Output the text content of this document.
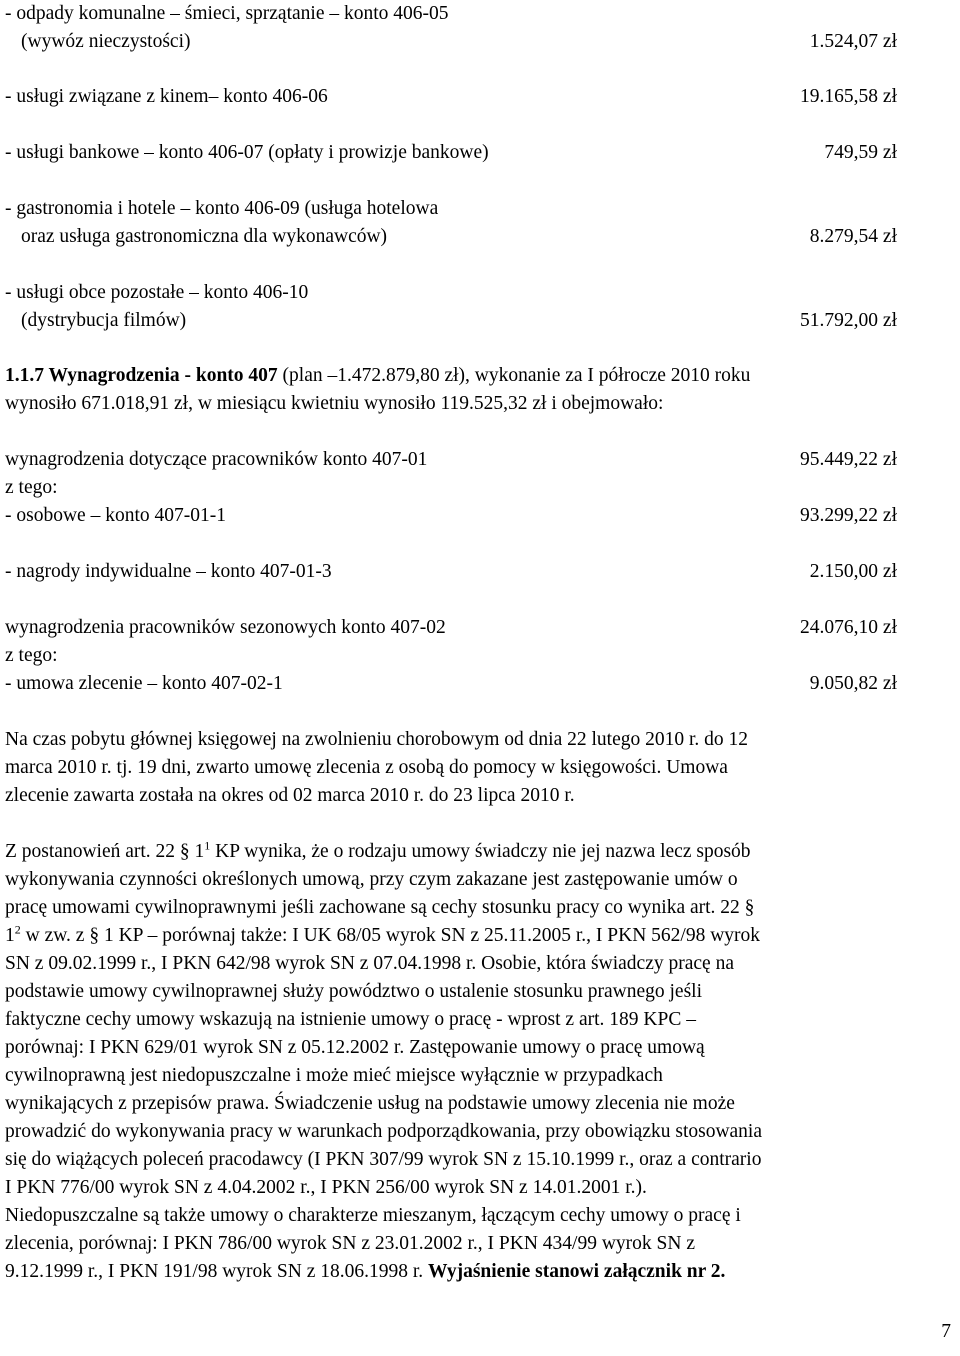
- odpady komunalne – śmieci, sprzątanie – konto 406-05
(wywóz nieczystości)	1.524,07 zł
- usługi związane z kinem– konto 406-06	19.165,58 zł
- usługi bankowe – konto 406-07 (opłaty i prowizje bankowe)	749,59 zł
- gastronomia i hotele – konto 406-09 (usługa hotelowa
oraz usługa gastronomiczna dla wykonawców)	8.279,54 zł
- usługi obce pozostałe – konto 406-10
(dystrybucja filmów)	51.792,00 zł
1.1.7 Wynagrodzenia - konto 407 (plan –1.472.879,80 zł), wykonanie za I półrocze 2010 roku
wynosiło 671.018,91 zł, w miesiącu kwietniu wynosiło 119.525,32 zł i obejmowało:
wynagrodzenia dotyczące pracowników konto 407-01	95.449,22 zł
z tego:
- osobowe – konto 407-01-1	93.299,22 zł
- nagrody indywidualne – konto 407-01-3	2.150,00 zł
wynagrodzenia pracowników sezonowych konto 407-02	24.076,10 zł
z tego:
- umowa zlecenie – konto 407-02-1	9.050,82 zł
Na czas pobytu głównej księgowej na zwolnieniu chorobowym od dnia 22 lutego 2010 r. do 12
marca 2010 r. tj. 19 dni, zwarto umowę zlecenia z osobą do pomocy w księgowości. Umowa
zlecenie zawarta została na okres od 02 marca 2010 r. do 23 lipca 2010 r.
Z postanowień art. 22 § $1^1$ KP wynika, że o rodzaju umowy świadczy nie jej nazwa lecz sposób
wykonywania czynności określonych umową, przy czym zakazane jest zastępowanie umów o
pracę umowami cywilnoprawnymi jeśli zachowane są cechy stosunku pracy co wynika art. 22 §
$1^2$ w zw. z § 1 KP – porównaj także: I UK 68/05 wyrok SN z 25.11.2005 r., I PKN 562/98 wyrok
SN z 09.02.1999 r., I PKN 642/98 wyrok SN z 07.04.1998 r. Osobie, która świadczy pracę na
podstawie umowy cywilnoprawnej służy powództwo o ustalenie stosunku prawnego jeśli
faktyczne cechy umowy wskazują na istnienie umowy o pracę - wprost z art. 189 KPC –
porównaj: I PKN 629/01 wyrok SN z 05.12.2002 r. Zastępowanie umowy o pracę umową
cywilnoprawną jest niedopuszczalne i może mieć miejsce wyłącznie w przypadkach
wynikających z przepisów prawa. Świadczenie usług na podstawie umowy zlecenia nie może
prowadzić do wykonywania pracy w warunkach podporządkowania, przy obowiązku stosowania
się do wiążących poleceń pracodawcy (I PKN 307/99 wyrok SN z 15.10.1999 r., oraz a contrario
I PKN 776/00 wyrok SN z 4.04.2002 r., I PKN 256/00 wyrok SN z 14.01.2001 r.).
Niedopuszczalne są także umowy o charakterze mieszanym, łączącym cechy umowy o pracę i
zlecenia, porównaj: I PKN 786/00 wyrok SN z 23.01.2002 r., I PKN 434/99 wyrok SN z
9.12.1999 r., I PKN 191/98 wyrok SN z 18.06.1998 r. Wyjaśnienie stanowi załącznik nr 2.
7
